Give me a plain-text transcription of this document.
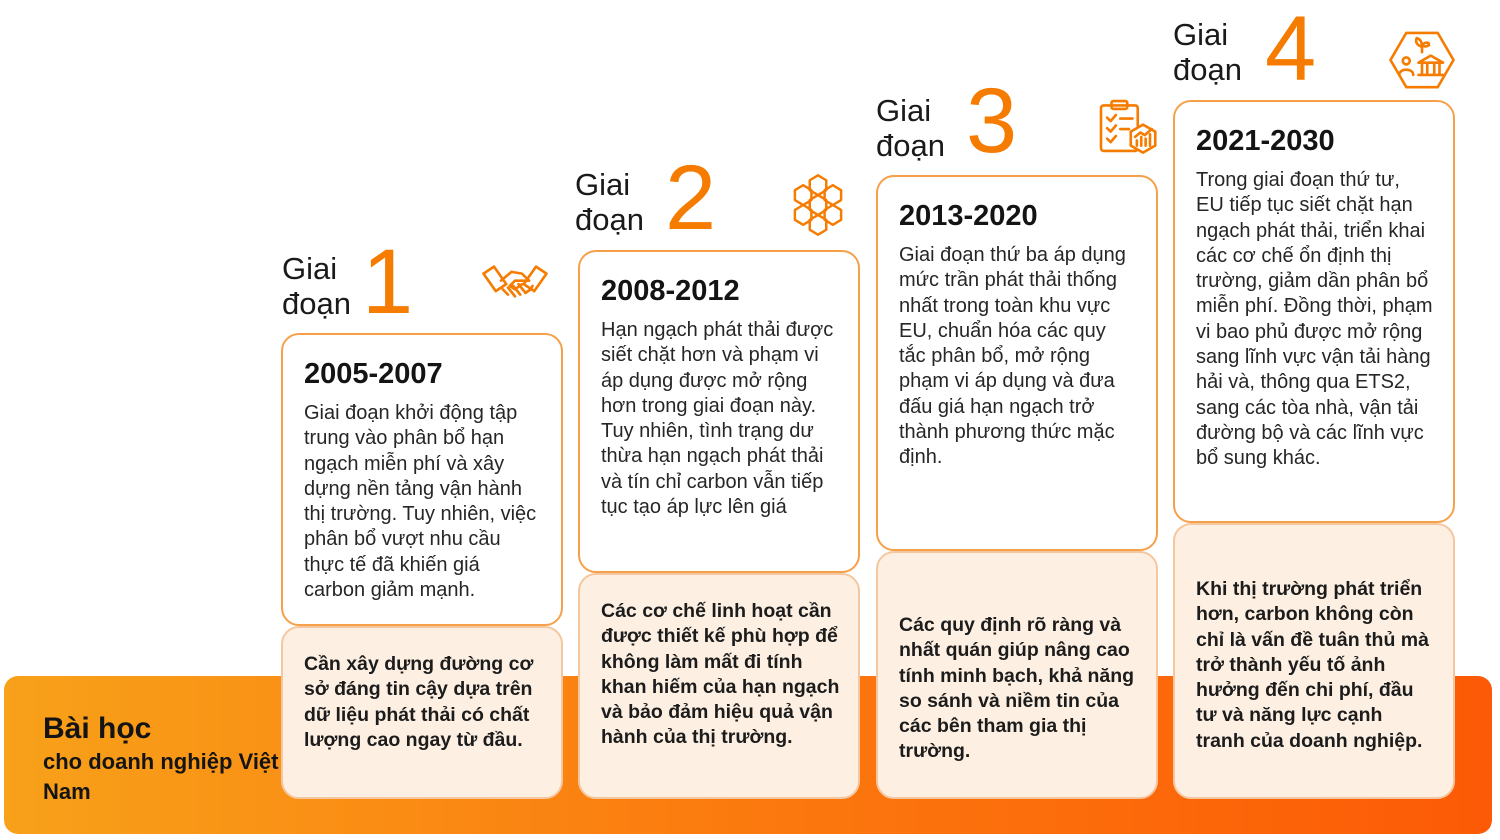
Bài học

cho doanh nghiệp Việt Nam

Giai
đoạn 1

2005-2007

Giai đoạn khởi động tập trung vào phân bổ hạn ngạch miễn phí và xây dựng nền tảng vận hành thị trường. Tuy nhiên, việc phân bổ vượt nhu cầu thực tế đã khiến giá carbon giảm mạnh.

Cần xây dựng đường cơ sở đáng tin cậy dựa trên dữ liệu phát thải có chất lượng cao ngay từ đầu.

Giai
đoạn 2

2008-2012

Hạn ngạch phát thải được siết chặt hơn và phạm vi áp dụng được mở rộng hơn trong giai đoạn này. Tuy nhiên, tình trạng dư thừa hạn ngạch phát thải và tín chỉ carbon vẫn tiếp tục tạo áp lực lên giá

Các cơ chế linh hoạt cần được thiết kế phù hợp để không làm mất đi tính khan hiếm của hạn ngạch và bảo đảm hiệu quả vận hành của thị trường.

Giai
đoạn 3

2013-2020

Giai đoạn thứ ba áp dụng mức trần phát thải thống nhất trong toàn khu vực EU, chuẩn hóa các quy tắc phân bổ, mở rộng phạm vi áp dụng và đưa đấu giá hạn ngạch trở thành phương thức mặc định.

Các quy định rõ ràng và nhất quán giúp nâng cao tính minh bạch, khả năng so sánh và niềm tin của các bên tham gia thị trường.

Giai
đoạn 4

2021-2030

Trong giai đoạn thứ tư, EU tiếp tục siết chặt hạn ngạch phát thải, triển khai các cơ chế ổn định thị trường, giảm dần phân bổ miễn phí. Đồng thời, phạm vi bao phủ được mở rộng sang lĩnh vực vận tải hàng hải và, thông qua ETS2, sang các tòa nhà, vận tải đường bộ và các lĩnh vực bổ sung khác.

Khi thị trường phát triển hơn, carbon không còn chỉ là vấn đề tuân thủ mà trở thành yếu tố ảnh hưởng đến chi phí, đầu tư và năng lực cạnh tranh của doanh nghiệp.
